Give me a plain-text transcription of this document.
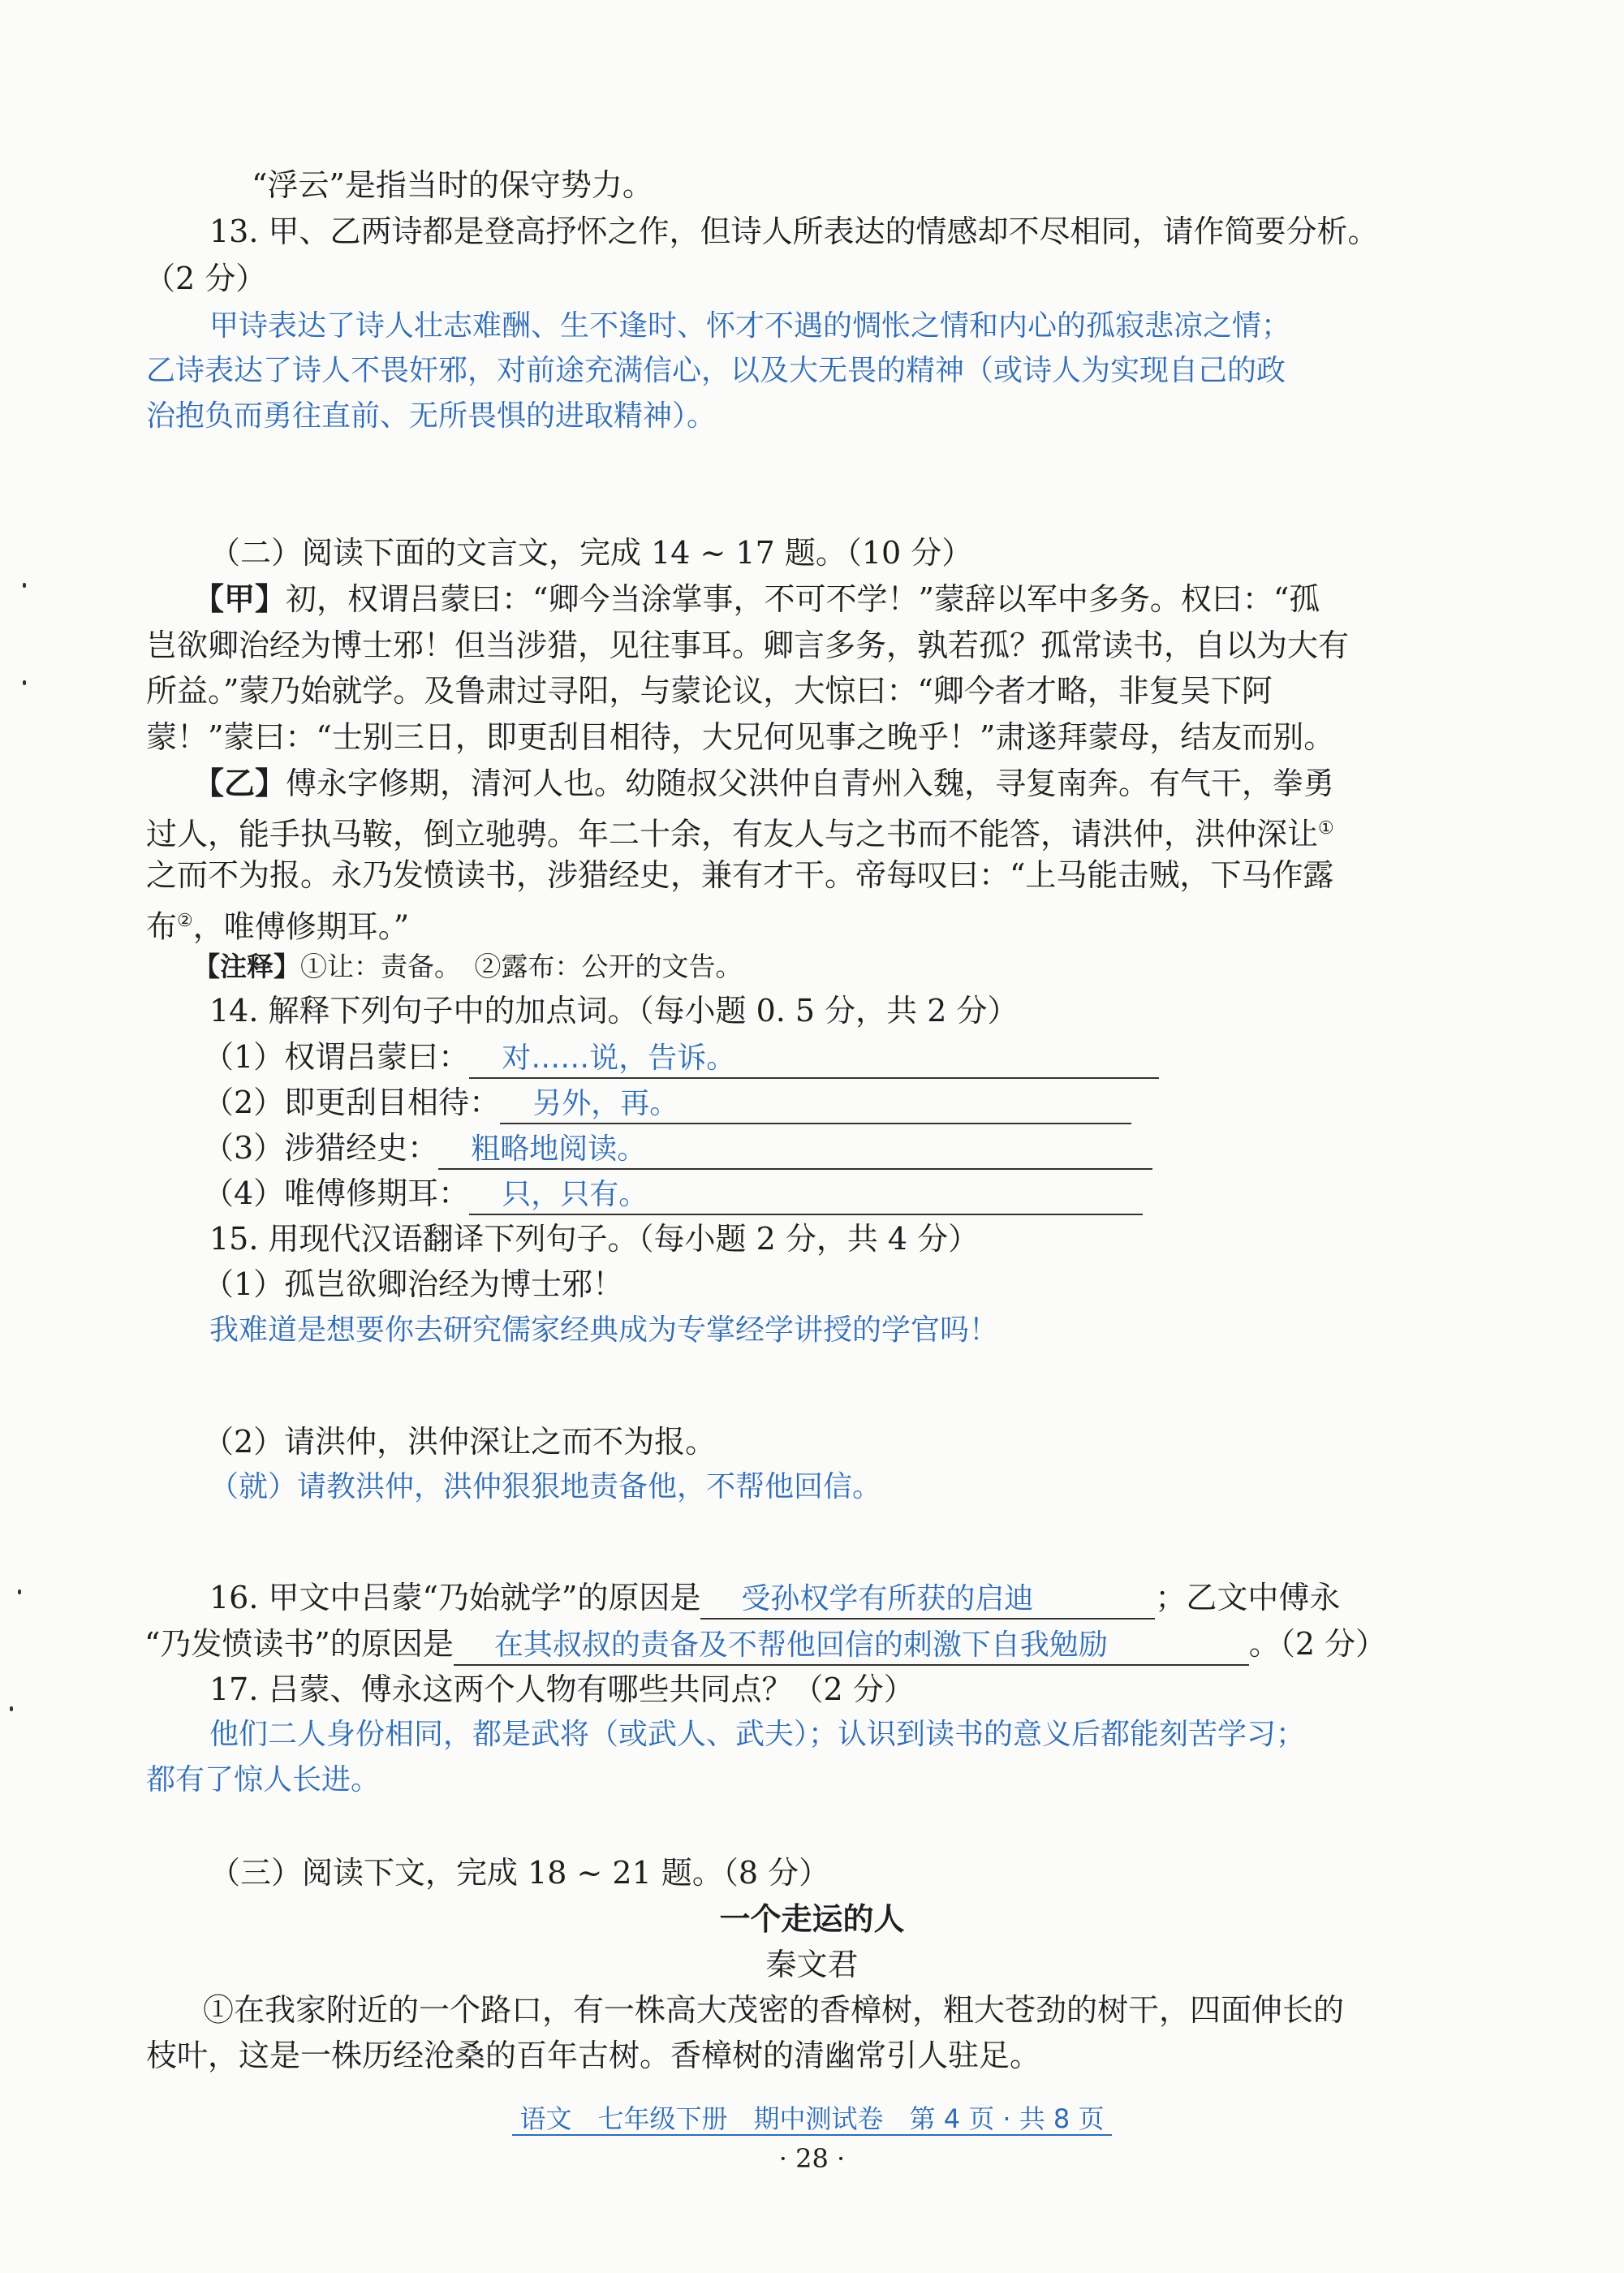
“浮云”是指当时的保守势力。
13. 甲、乙两诗都是登高抒怀之作，但诗人所表达的情感却不尽相同，请作简要分析。
（2 分）
甲诗表达了诗人壮志难酬、生不逢时、怀才不遇的惆怅之情和内心的孤寂悲凉之情；
乙诗表达了诗人不畏奸邪，对前途充满信心，以及大无畏的精神（或诗人为实现自己的政
治抱负而勇往直前、无所畏惧的进取精神）。
（二）阅读下面的文言文，完成 14 ~ 17 题。（10 分）
【甲】初，权谓吕蒙曰：“卿今当涂掌事，不可不学！”蒙辞以军中多务。权曰：“孤
岂欲卿治经为博士邪！但当涉猎，见往事耳。卿言多务，孰若孤？孤常读书，自以为大有
所益。”蒙乃始就学。及鲁肃过寻阳，与蒙论议，大惊曰：“卿今者才略，非复吴下阿
蒙！”蒙曰：“士别三日，即更刮目相待，大兄何见事之晚乎！”肃遂拜蒙母，结友而别。
【乙】傅永字修期，清河人也。幼随叔父洪仲自青州入魏，寻复南奔。有气干，拳勇
过人，能手执马鞍，倒立驰骋。年二十余，有友人与之书而不能答，请洪仲，洪仲深让①
之而不为报。永乃发愤读书，涉猎经史，兼有才干。帝每叹曰：“上马能击贼，下马作露
布②，唯傅修期耳。”
【注释】①让：责备。　②露布：公开的文告。
14. 解释下列句子中的加点词。（每小题 0. 5 分，共 2 分）
（1）权谓吕蒙曰： 对……说，告诉。
（2）即更刮目相待： 另外，再。
（3）涉猎经史： 粗略地阅读。
（4）唯傅修期耳： 只，只有。
15. 用现代汉语翻译下列句子。（每小题 2 分，共 4 分）
（1）孤岂欲卿治经为博士邪！
我难道是想要你去研究儒家经典成为专掌经学讲授的学官吗！
（2）请洪仲，洪仲深让之而不为报。
（就）请教洪仲，洪仲狠狠地责备他，不帮他回信。
16. 甲文中吕蒙“乃始就学”的原因是 受孙权学有所获的启迪	；乙文中傅永
“乃发愤读书”的原因是 在其叔叔的责备及不帮他回信的刺激下自我勉励	。（2 分）
17. 吕蒙、傅永这两个人物有哪些共同点？（2 分）
他们二人身份相同，都是武将（或武人、武夫）；认识到读书的意义后都能刻苦学习；
都有了惊人长进。
（三）阅读下文，完成 18 ~ 21 题。（8 分）
一个走运的人
秦文君
①在我家附近的一个路口，有一株高大茂密的香樟树，粗大苍劲的树干，四面伸长的
枝叶，这是一株历经沧桑的百年古树。香樟树的清幽常引人驻足。
语文　七年级下册　期中测试卷　第 4 页 · 共 8 页
· 28 ·
